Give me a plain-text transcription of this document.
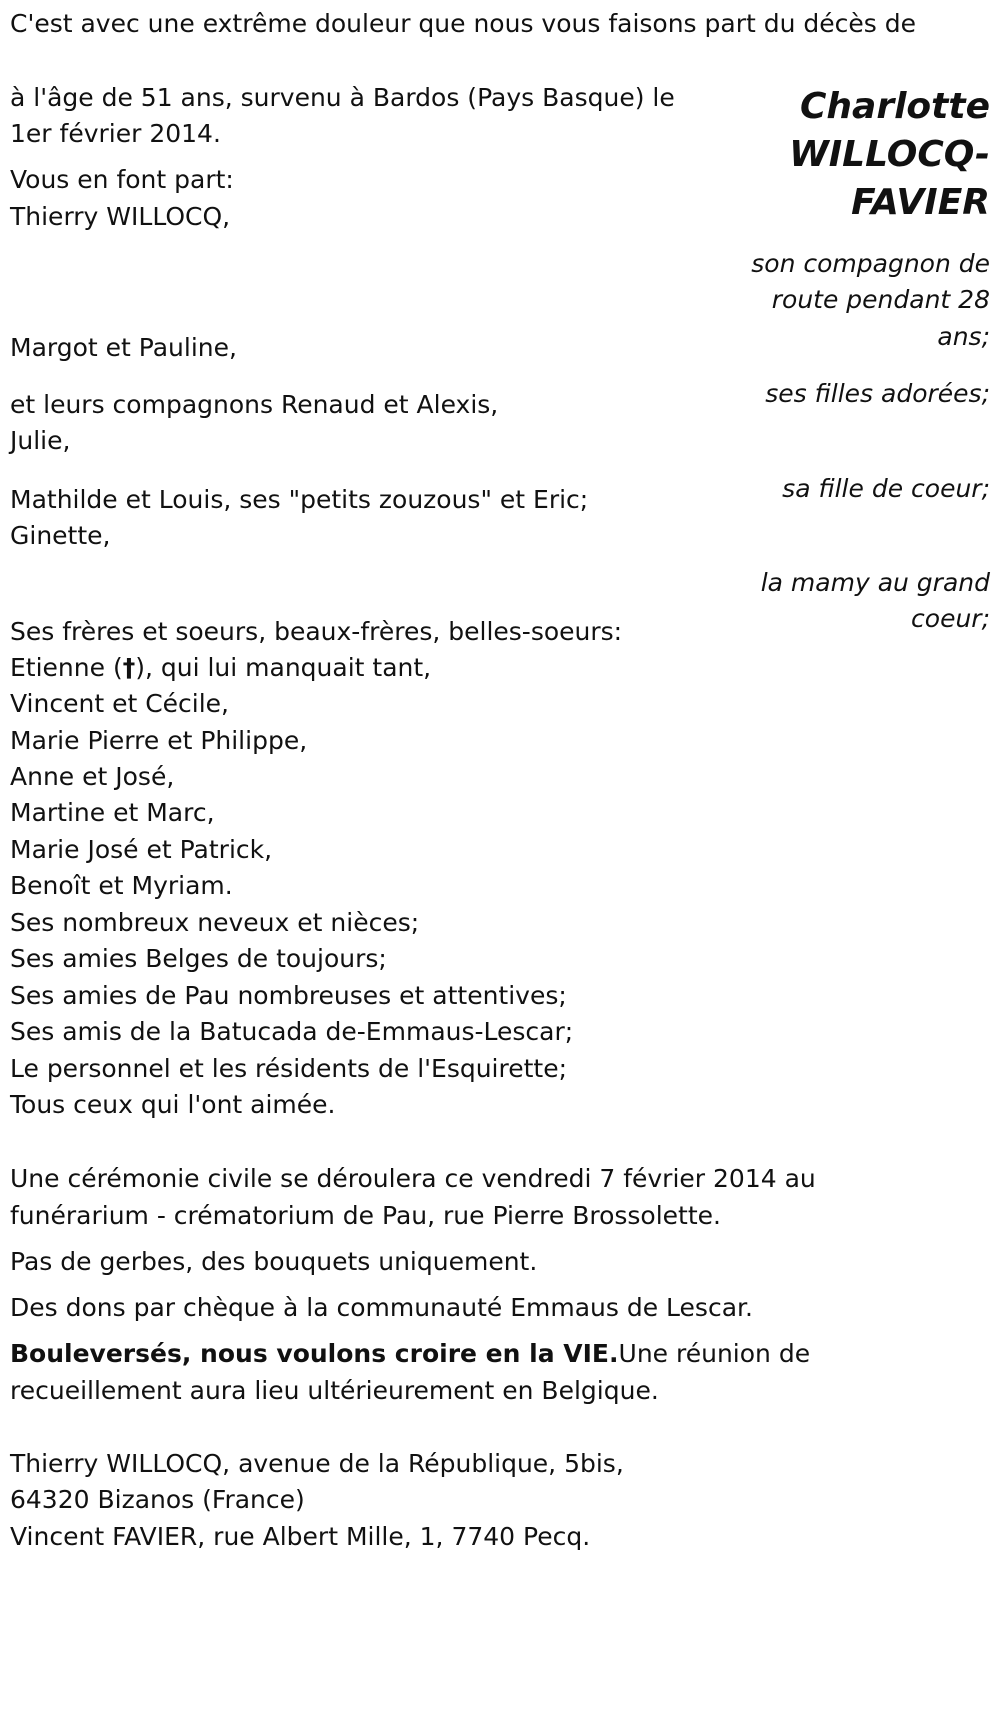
C'est avec une extrême douleur que nous vous faisons part du décès de

Charlotte
WILLOCQ-
FAVIER

à l'âge de 51 ans, survenu à Bardos (Pays Basque) le

1er février 2014.

Vous en font part:

Thierry WILLOCQ,

son compagnon de

route pendant 28

ans;

Margot et Pauline,

ses filles adorées;

et leurs compagnons Renaud et Alexis,

Julie,

sa fille de coeur;

Mathilde et Louis, ses "petits zouzous" et Eric;

Ginette,

la mamy au grand

coeur;

Ses frères et soeurs, beaux-frères, belles-soeurs:

Etienne (†), qui lui manquait tant,

Vincent et Cécile,

Marie Pierre et Philippe,

Anne et José,

Martine et Marc,

Marie José et Patrick,

Benoît et Myriam.

Ses nombreux neveux et nièces;

Ses amies Belges de toujours;

Ses amies de Pau nombreuses et attentives;

Ses amis de la Batucada de-Emmaus-Lescar;

Le personnel et les résidents de l'Esquirette;

Tous ceux qui l'ont aimée.

Une cérémonie civile se déroulera ce vendredi 7 février 2014 au

funérarium - crématorium de Pau, rue Pierre Brossolette.

Pas de gerbes, des bouquets uniquement.

Des dons par chèque à la communauté Emmaus de Lescar.

Bouleversés, nous voulons croire en la VIE.Une réunion de

recueillement aura lieu ultérieurement en Belgique.

Thierry WILLOCQ, avenue de la République, 5bis,

64320 Bizanos (France)

Vincent FAVIER, rue Albert Mille, 1, 7740 Pecq.
